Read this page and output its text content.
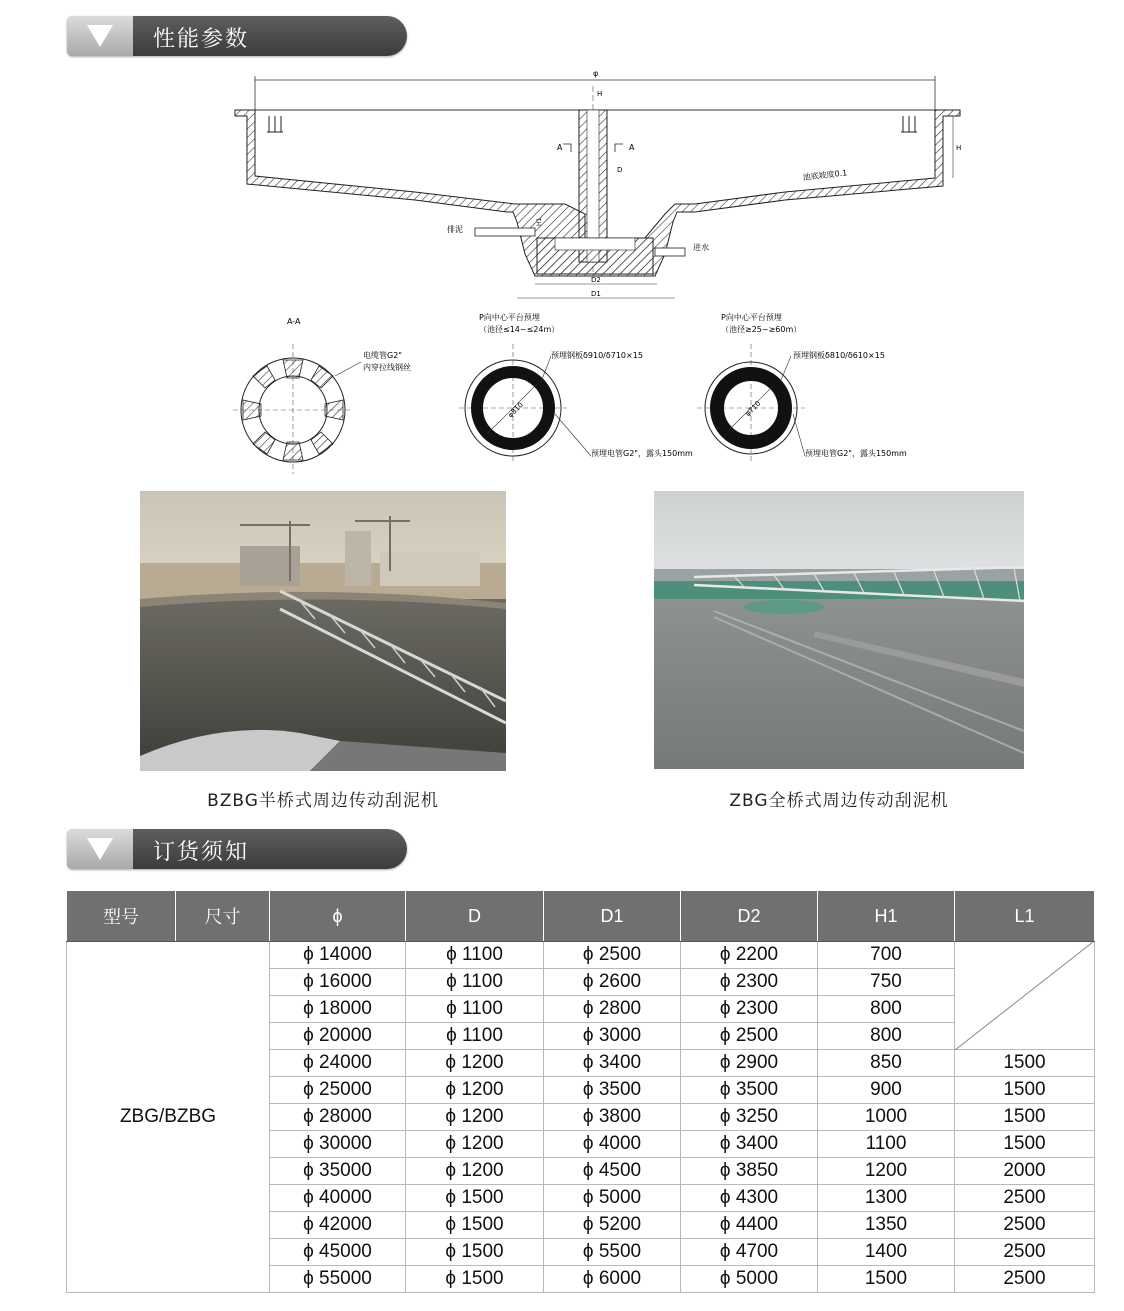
性能参数
φ
H
H
A	A
D	池底坡度0.1
排泥
进水
H1
D2
D1
A-A
电缆管G2"
内穿拉线钢丝
P向中心平台预埋
（池径≤14~≤24m）
φ810
预埋钢板δ910/δ710×15
预埋电管G2"，露头150mm
P向中心平台预埋
（池径≥25~≥60m）
φ710
预埋钢板δ810/δ610×15
预埋电管G2"，露头150mm
BZBG半桥式周边传动刮泥机	ZBG全桥式周边传动刮泥机
订货须知
型号	尺寸	ϕ	D	D1	D2	H1	L1
ZBG/BZBG		ϕ 14000	ϕ 1100	ϕ 2500	ϕ 2200	700	

		ϕ 16000	ϕ 1100	ϕ 2600	ϕ 2300	750	
		ϕ 18000	ϕ 1100	ϕ 2800	ϕ 2300	800	
		ϕ 20000	ϕ 1100	ϕ 3000	ϕ 2500	800	
		ϕ 24000	ϕ 1200	ϕ 3400	ϕ 2900	850	1500
		ϕ 25000	ϕ 1200	ϕ 3500	ϕ 3500	900	1500
		ϕ 28000	ϕ 1200	ϕ 3800	ϕ 3250	1000	1500
		ϕ 30000	ϕ 1200	ϕ 4000	ϕ 3400	1100	1500
		ϕ 35000	ϕ 1200	ϕ 4500	ϕ 3850	1200	2000
		ϕ 40000	ϕ 1500	ϕ 5000	ϕ 4300	1300	2500
		ϕ 42000	ϕ 1500	ϕ 5200	ϕ 4400	1350	2500
		ϕ 45000	ϕ 1500	ϕ 5500	ϕ 4700	1400	2500
		ϕ 55000	ϕ 1500	ϕ 6000	ϕ 5000	1500	2500
